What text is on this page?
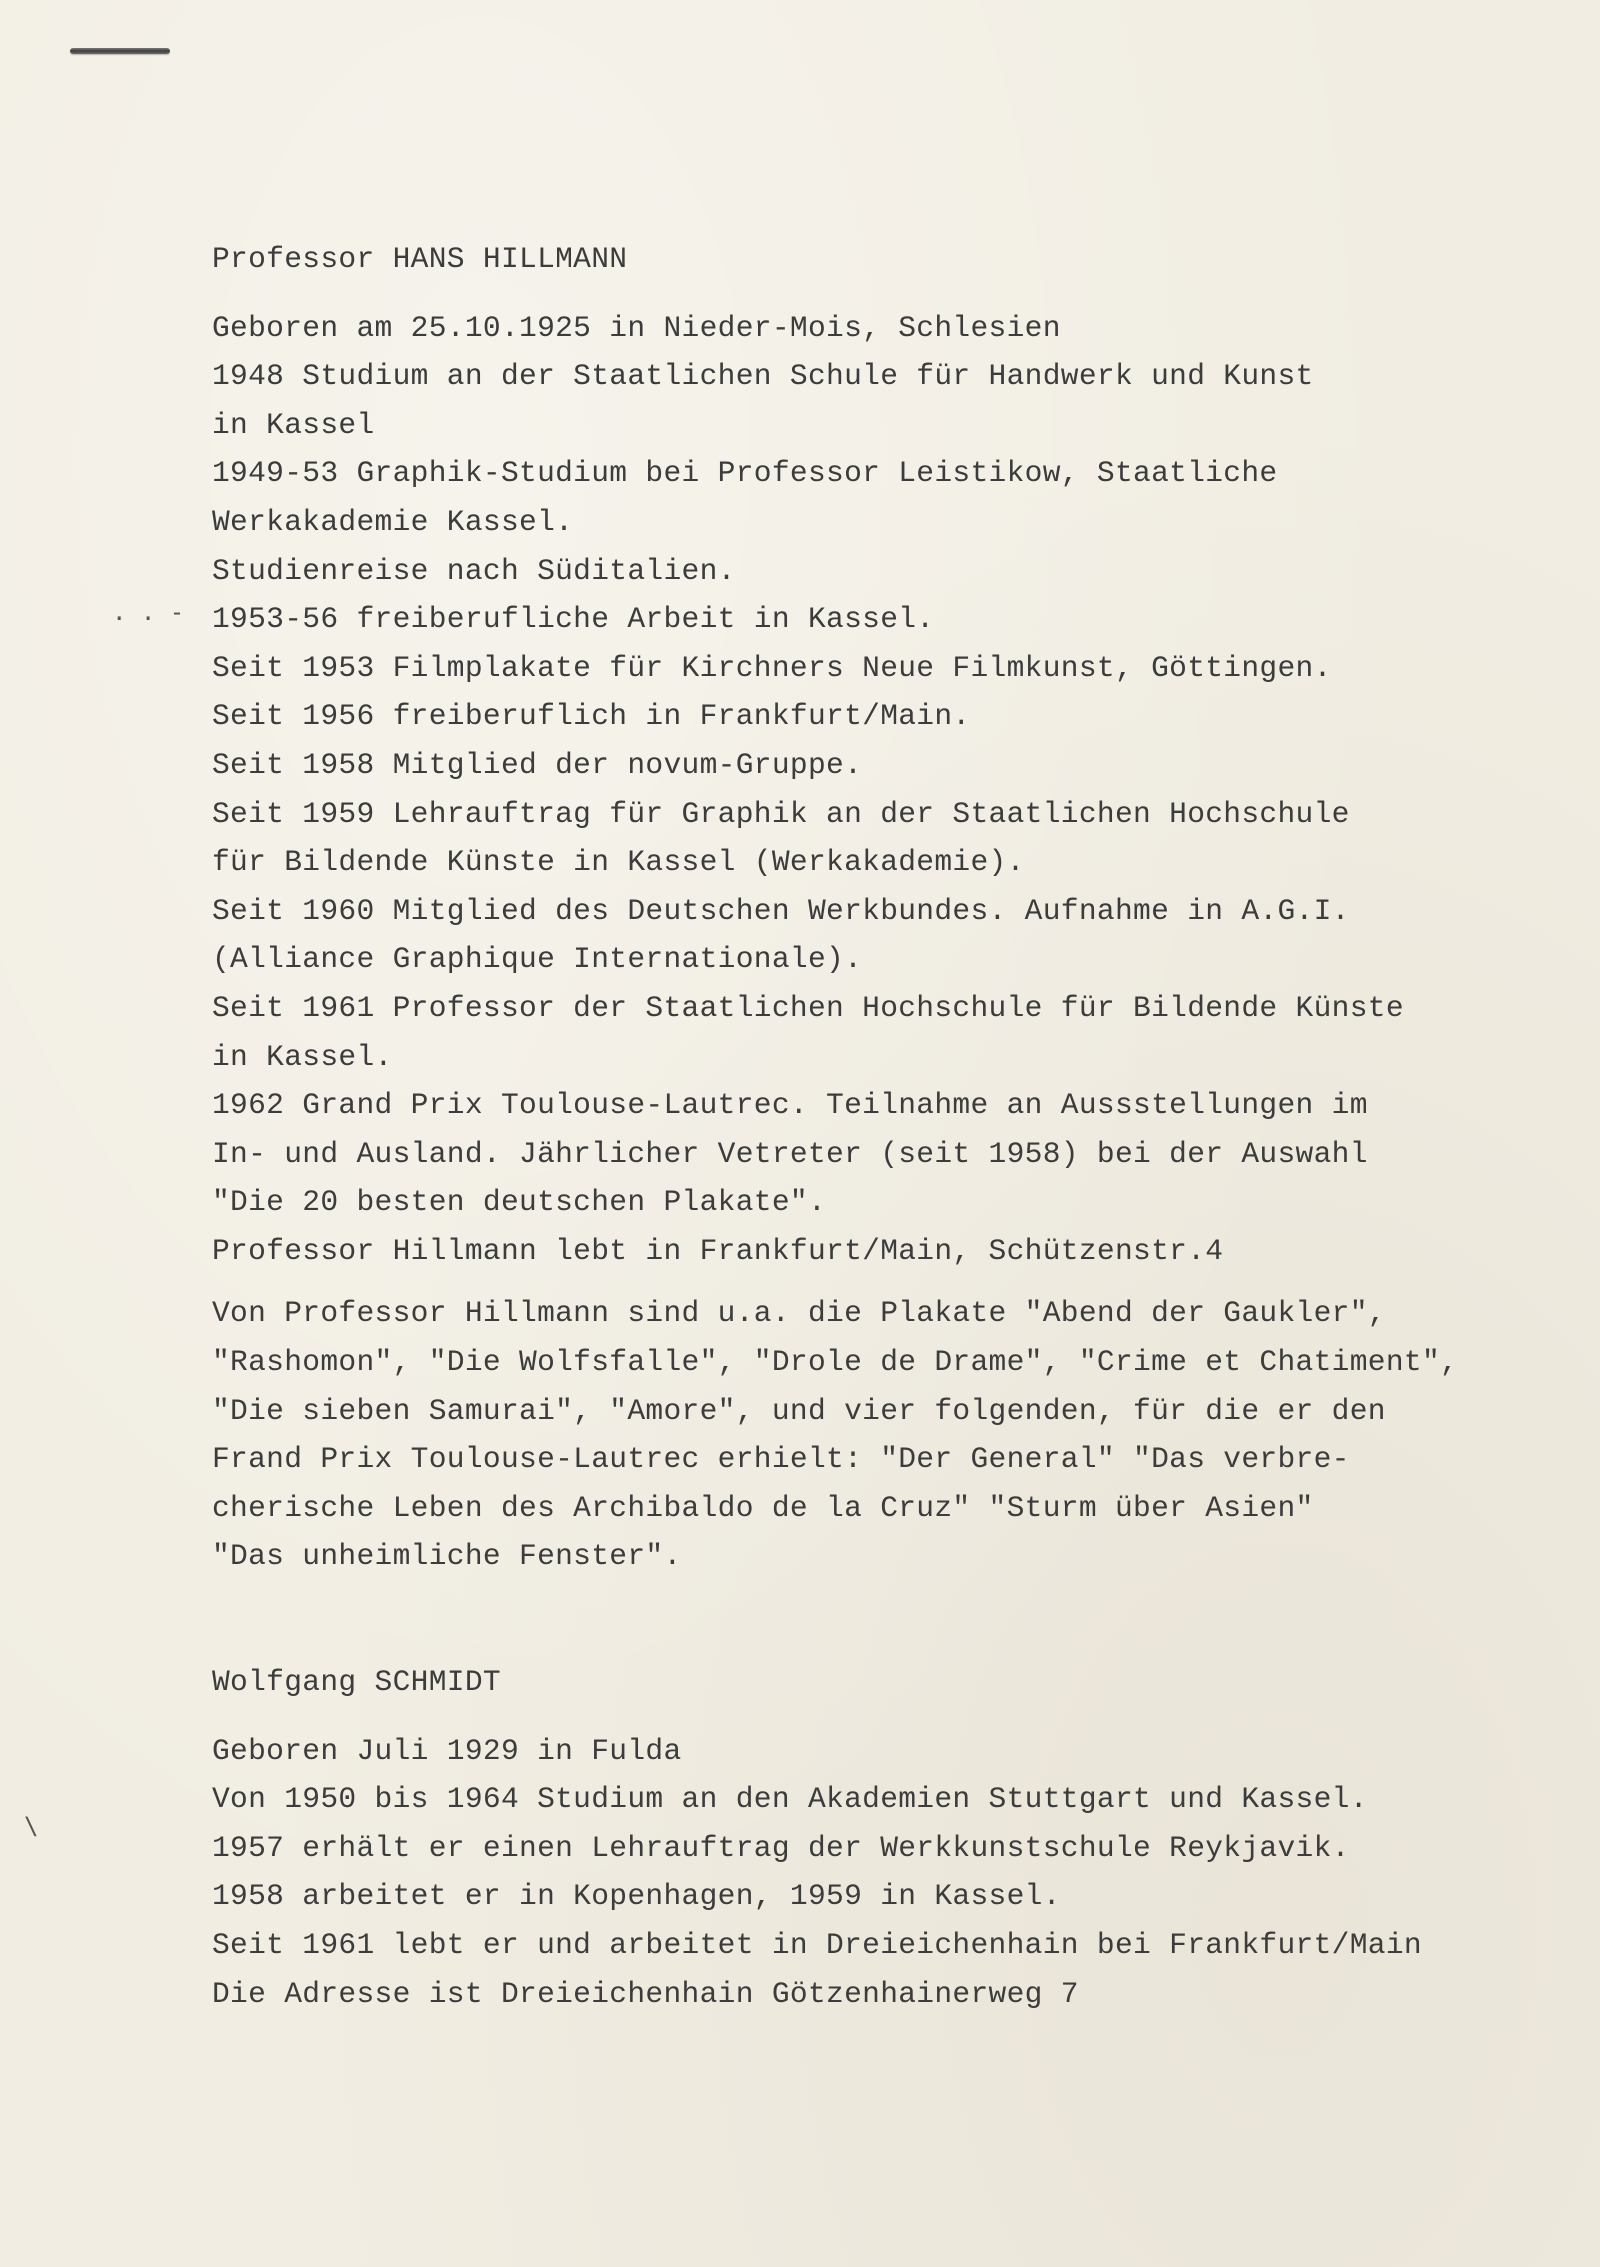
. . -
\
Professor HANS HILLMANN
Geboren am 25.10.1925 in Nieder-Mois, Schlesien
1948 Studium an der Staatlichen Schule für Handwerk und Kunst
in Kassel
1949-53 Graphik-Studium bei Professor Leistikow, Staatliche
Werkakademie Kassel.
Studienreise nach Süditalien.
1953-56 freiberufliche Arbeit in Kassel.
Seit 1953 Filmplakate für Kirchners Neue Filmkunst, Göttingen.
Seit 1956 freiberuflich in Frankfurt/Main.
Seit 1958 Mitglied der novum-Gruppe.
Seit 1959 Lehrauftrag für Graphik an der Staatlichen Hochschule
für Bildende Künste in Kassel (Werkakademie).
Seit 1960 Mitglied des Deutschen Werkbundes. Aufnahme in A.G.I.
(Alliance Graphique Internationale).
Seit 1961 Professor der Staatlichen Hochschule für Bildende Künste
in Kassel.
1962 Grand Prix Toulouse-Lautrec. Teilnahme an Aussstellungen im
In- und Ausland. Jährlicher Vetreter (seit 1958) bei der Auswahl
"Die 20 besten deutschen Plakate".
Professor Hillmann lebt in Frankfurt/Main, Schützenstr.4
Von Professor Hillmann sind u.a. die Plakate "Abend der Gaukler",
"Rashomon", "Die Wolfsfalle", "Drole de Drame", "Crime et Chatiment",
"Die sieben Samurai", "Amore", und vier folgenden, für die er den
Frand Prix Toulouse-Lautrec erhielt: "Der General" "Das verbre-
cherische Leben des Archibaldo de la Cruz" "Sturm über Asien"
"Das unheimliche Fenster".
Wolfgang SCHMIDT
Geboren Juli 1929 in Fulda
Von 1950 bis 1964 Studium an den Akademien Stuttgart und Kassel.
1957 erhält er einen Lehrauftrag der Werkkunstschule Reykjavik.
1958 arbeitet er in Kopenhagen, 1959 in Kassel.
Seit 1961 lebt er und arbeitet in Dreieichenhain bei Frankfurt/Main
Die Adresse ist Dreieichenhain Götzenhainerweg 7
